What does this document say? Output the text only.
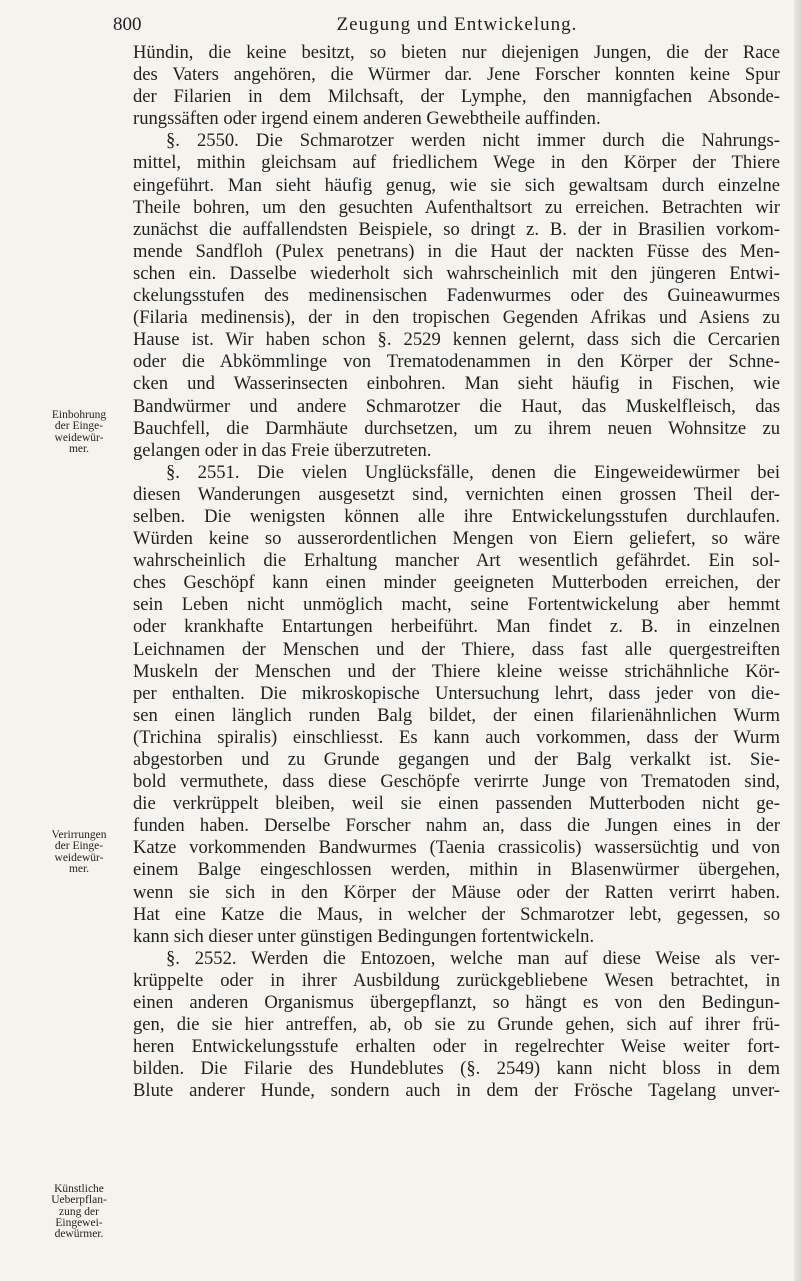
800	Zeugung und Entwickelung.
Einbohrung
der Einge-
weidewür-
mer.
Verirrungen
der Einge-
weidewür-
mer.
Künstliche
Ueberpflan-
zung der
Eingewei-
dewürmer.
Hündin, die keine besitzt, so bieten nur diejenigen Jungen, die der Race
des Vaters angehören, die Würmer dar. Jene Forscher konnten keine Spur
der Filarien in dem Milchsaft, der Lymphe, den mannigfachen Absonde-
rungssäften oder irgend einem anderen Gewebtheile auffinden.
§. 2550. Die Schmarotzer werden nicht immer durch die Nahrungs-
mittel, mithin gleichsam auf friedlichem Wege in den Körper der Thiere
eingeführt. Man sieht häufig genug, wie sie sich gewaltsam durch einzelne
Theile bohren, um den gesuchten Aufenthaltsort zu erreichen. Betrachten wir
zunächst die auffallendsten Beispiele, so dringt z. B. der in Brasilien vorkom-
mende Sandfloh (Pulex penetrans) in die Haut der nackten Füsse des Men-
schen ein. Dasselbe wiederholt sich wahrscheinlich mit den jüngeren Entwi-
ckelungsstufen des medinensischen Fadenwurmes oder des Guineawurmes
(Filaria medinensis), der in den tropischen Gegenden Afrikas und Asiens zu
Hause ist. Wir haben schon §. 2529 kennen gelernt, dass sich die Cercarien
oder die Abkömmlinge von Trematodenammen in den Körper der Schne-
cken und Wasserinsecten einbohren. Man sieht häufig in Fischen, wie
Bandwürmer und andere Schmarotzer die Haut, das Muskelfleisch, das
Bauchfell, die Darmhäute durchsetzen, um zu ihrem neuen Wohnsitze zu
gelangen oder in das Freie überzutreten.
§. 2551. Die vielen Unglücksfälle, denen die Eingeweidewürmer bei
diesen Wanderungen ausgesetzt sind, vernichten einen grossen Theil der-
selben. Die wenigsten können alle ihre Entwickelungsstufen durchlaufen.
Würden keine so ausserordentlichen Mengen von Eiern geliefert, so wäre
wahrscheinlich die Erhaltung mancher Art wesentlich gefährdet. Ein sol-
ches Geschöpf kann einen minder geeigneten Mutterboden erreichen, der
sein Leben nicht unmöglich macht, seine Fortentwickelung aber hemmt
oder krankhafte Entartungen herbeiführt. Man findet z. B. in einzelnen
Leichnamen der Menschen und der Thiere, dass fast alle quergestreiften
Muskeln der Menschen und der Thiere kleine weisse strichähnliche Kör-
per enthalten. Die mikroskopische Untersuchung lehrt, dass jeder von die-
sen einen länglich runden Balg bildet, der einen filarienähnlichen Wurm
(Trichina spiralis) einschliesst. Es kann auch vorkommen, dass der Wurm
abgestorben und zu Grunde gegangen und der Balg verkalkt ist. Sie-
bold vermuthete, dass diese Geschöpfe verirrte Junge von Trematoden sind,
die verkrüppelt bleiben, weil sie einen passenden Mutterboden nicht ge-
funden haben. Derselbe Forscher nahm an, dass die Jungen eines in der
Katze vorkommenden Bandwurmes (Taenia crassicolis) wassersüchtig und von
einem Balge eingeschlossen werden, mithin in Blasenwürmer übergehen,
wenn sie sich in den Körper der Mäuse oder der Ratten verirrt haben.
Hat eine Katze die Maus, in welcher der Schmarotzer lebt, gegessen, so
kann sich dieser unter günstigen Bedingungen fortentwickeln.
§. 2552. Werden die Entozoen, welche man auf diese Weise als ver-
krüppelte oder in ihrer Ausbildung zurückgebliebene Wesen betrachtet, in
einen anderen Organismus übergepflanzt, so hängt es von den Bedingun-
gen, die sie hier antreffen, ab, ob sie zu Grunde gehen, sich auf ihrer frü-
heren Entwickelungsstufe erhalten oder in regelrechter Weise weiter fort-
bilden. Die Filarie des Hundeblutes (§. 2549) kann nicht bloss in dem
Blute anderer Hunde, sondern auch in dem der Frösche Tagelang unver-
